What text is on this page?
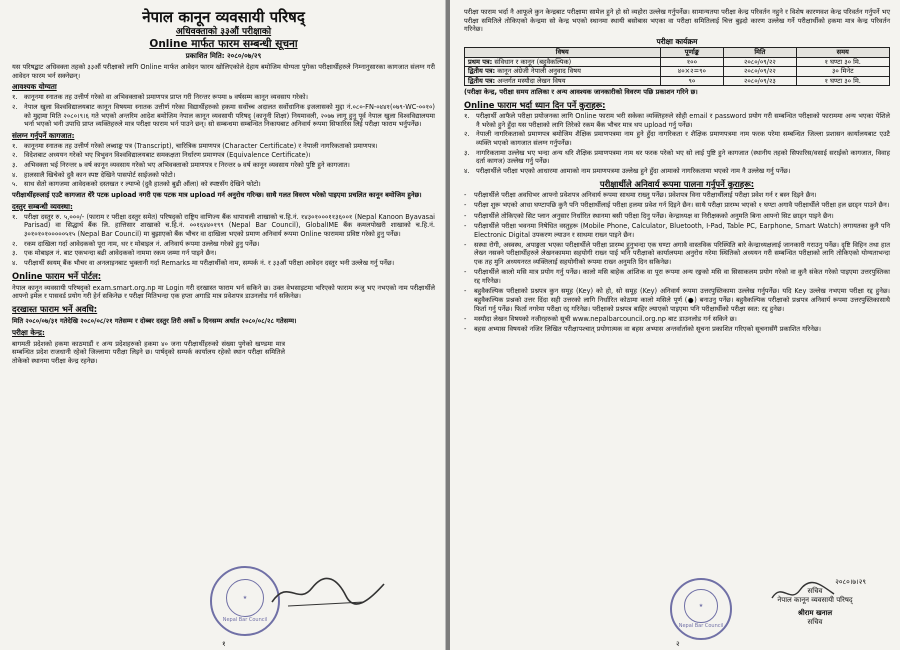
नेपाल कानून व्यवसायी परिषद्
अधिवक्ताको ३३औं परीक्षाको
Online मार्फत फारम सम्बन्धी सूचना
प्रकाशित मिति: २०८०/०७/२९

यस परिषद्बाट अधिवक्ता तहको ३३औं परीक्षाको लागि Online मार्फत आवेदन फारम खोलिएकोले देहाय बमोजिम योग्यता पुगेका परीक्षार्थीहरुले निम्नानुसारका कागजात संलग्न गरी आवेदन फारम भर्न सक्नेछन्।

आवश्यक योग्यता
१. कानूनमा स्नातक तह उत्तीर्ण गरेको वा अभिवक्ताको प्रमाणपत्र प्राप्त गरी निरन्तर रूपमा ७ वर्षसम्म कानून व्यवसाय गरेको।
२. नेपाल खुला विश्वविद्यालयबाट कानून विषयमा स्नातक उत्तीर्ण गरेका विद्यार्थीहरुको हकमा सर्वोच्च अदालत सर्वोधानिक इजलासको मुद्दा नं.०८०-FN-०४४१(०७९-WC-००१०) को मुद्दामा मिति २०८०।९।६ गते भएको अन्तरिम आदेश बमोजिम नेपाल कानून व्यवसायी परिषद् (कानूनी शिक्षा) नियमावली, २०७७ लागू हुनु पूर्व नेपाल खुला विश्वविद्यालयमा भर्ना भएको भनी उपाधि प्राप्त व्यक्तिहरुले मात्र परीक्षा फाराम भर्न पाउने छन्। सो सम्बन्धमा सम्बन्धित निकायबाट अनिवार्य रूपमा सिफारिस लिई परीक्षा फाराम भर्नुपर्नेछ।
संलग्न गर्नुपर्ने कागजात:
१. कानूनमा स्नातक तह उत्तीर्ण गरेको लब्धाङ्क पत्र (Transcript), चारित्रिक प्रमाणपत्र (Character Certificate) र नेपाली नागरिकताको प्रमाणपत्र।
२. विदेशबाट अध्ययन गरेको भए त्रिभुवन विश्वविद्यालयबाट समकक्षता निर्धारण प्रमाणपत्र (Equivalence Certificate)।
३. अभिवक्ता भई निरन्तर ७ वर्ष कानून व्यवसाय गरेको भए अभिवक्ताको प्रमाणपत्र र निरन्तर ७ वर्ष कानून व्यवसाय गरेको पुष्टि हुने कागजात।
४. हालसालै खिचेको दुवै कान स्पष्ट देखिने पासपोर्ट साईजको फोटो।
५. साथ सेतो कागजमा आवेदकको दस्तखत र ल्याप्चे (दुवै हातको बुढी औंला) को स्पष्टसँग देखिने फोटो।

परीक्षार्थीहरुलाई एउटै कागजात धेरै पटक upload नगरी एक पटक मात्र upload गर्न अनुरोध गरिन्छ। साथै गलत विवरण भरेको पाइएमा प्रचलित कानून बमोजिम हुनेछ।

दस्तुर सम्बन्धी व्यवस्था:
१. परीक्षा दस्तुर रु. ५,०००/- (फाराम र परीक्षा दस्तुर समेत) परिषद्को राष्ट्रिय वाणिज्य बैंक थापाथली शाखाको च.हि.नं. १४३०१०००११३६००१ (Nepal Kanoon Byavasai Parisad) वा सिद्धार्थ बैंक लि. हात्तिसार शाखाको च.हि.नं. ००१६४४०१९९ (Nepal Bar Council), GlobalIME बैंक कमलपोखरी शाखाको च.हि.नं. ३०१०१०१०००००५१५ (Nepal Bar Council) मा बुझाएको बैंक भौचर वा दाखिला भएको प्रमाण अनिवार्य रूपमा Online फाराममा प्रविष्ट गरेको हुनु पर्नेछ।
२. रकम दाखिला गर्दा आवेदकको पूरा नाम, थर र मोबाइल नं. अनिवार्य रूपमा उल्लेख गरेको हुनु पर्नेछ।
३. एक मोबाइल नं. बाट एकभन्दा बढी आवेदकको नाममा रकम जम्मा गर्न पाइने छैन।
४. परीक्षार्थी स्वयम् बैंक भौचर वा अनलाइनबाट भुक्तानी गर्दा Remarks मा परीक्षार्थीको नाम, सम्पर्क नं. र ३३औं परीक्षा आवेदन दस्तुर भनी उल्लेख गर्नु पर्नेछ।
Online फाराम भर्ने पोर्टल:

नेपाल कानून व्यवसायी परिषद्को exam.smart.org.np मा Login गरी दरखास्त फाराम भर्न सकिने छ। उक्त वेभसाइटमा भरिएको फाराम रूजु भए नभएको नाम परीक्षार्थीले आफ्नो इमेल र पासवर्ड प्रयोग गरी हेर्न सकिनेछ र परीक्षा मितिभन्दा एक हप्ता अगाडि मात्र प्रवेशपत्र डाउनलोड गर्न सकिनेछ।

दरखास्त फाराम भर्ने अवधि:

मिति २०८०/०७/३१ गतेदेखि २०८०/०८/२१ गतेसम्म र दोब्बर दस्तुर तिरी अर्को ७ दिनसम्म अर्थात २०८०/०८/२८ गतेसम्म।

परीक्षा केन्द्र:

बागमती प्रदेशको हकमा काठमाडौं र अन्य प्रदेशहरुको हकमा ४० जना परीक्षार्थीहरुको संख्या पुगेको खण्डमा मात्र सम्बन्धित प्रदेश राजधानी रहेको जिल्लामा परीक्षा लिइने छ। पार्षद्को सम्पर्क कार्यालय रहेको स्थान परीक्षा समितिले तोकेको स्थानमा परीक्षा केन्द्र रहनेछ।

★
Nepal Bar Council
१

परीक्षा फाराम भर्दा नै आफूले कुन केन्द्रबाट परीक्षामा सामेल हुने हो सो व्यहोरा उल्लेख गर्नुपर्नेछ। सामान्यतया परीक्षा केन्द्र परिवर्तन नहुने र विशेष कारणवश केन्द्र परिवर्तन गर्नुपर्ने भए परीक्षा समितिले तोकिएको केन्द्रमा सो केन्द्र भएको स्थानमा स्थायी बसोबास भएका वा परीक्षा समितिलाई चित्त बुझ्दो कारण उल्लेख गर्ने परीक्षार्थीको हकमा मात्र केन्द्र परिवर्तन गरिनेछ।

परीक्षा कार्यक्रम
विषय	पूर्णाङ्क	मिति	समय
प्रथम पत्र: संविधान र कानून (बहुवैकल्पिक)	१००	२०८०/०९/२२	१ घण्टा ३० मि.
द्वितीय पत्र: कानून अंग्रेजी नेपाली अनुवाद विषय	४०×२=९०	२०८०/०९/२२	३० मिनेट
द्वितीय पत्र: अन्तर्गत मस्यौदा लेखन विषय	९०	२०८०/०९/२३	१ घण्टा ३० मि.

(परीक्षा केन्द्र, परीक्षा समय तालिका र अन्य आवश्यक जानकारीको विवरण पछि प्रकाशन गरिने छ।

Online फाराम भर्दा ध्यान दिन पर्ने कुराहरू:
१. परीक्षार्थी आफैले परीक्षा प्रयोजनका लागि Online फाराम भरी सकेका व्यक्तिहरुले सोही email र password प्रयोग गरी सम्बन्धित परीक्षाको फाराममा अन्य भएका पेशिले नै भरेको हुने हुँदा यस परीक्षाको लागि तिरेको रकम बैंक भौचर मात्र थप upload गर्नु पर्नेछ।
२. नेपाली नागरिकताको प्रमाणपत्र बमोजिम शैक्षिक प्रमाणपत्रमा नाम हुने हुँदा नागरिकता र शैक्षिक प्रमाणपत्रमा नाम फरक परेमा सम्बन्धित जिल्ला प्रशासन कार्यालयबाट एउटै व्यक्ति भएको कागजात संलग्न गर्नुपर्नेछ।
३. नागरिकतामा उल्लेख भए भन्दा अन्य थरि शैक्षिक प्रमाणपत्रमा नाम थर फरक परेको भए सो लाई पुष्टि हुने कागजात (स्थानीय तहको सिफारिस/वसाई सराईको कागजात, विवाह दर्ता कागज) उल्लेख गर्नु पर्नेछ।
४. परीक्षार्थीले परीक्षा भएको आधारमा आमाको नाम प्रमाणपत्रमा उल्लेख हुने हुँदा आमाको नागरिकतामा भएको नाम नै उल्लेख गर्नु पर्नेछ।
परीक्षार्थीले अनिवार्य रूपमा पालना गर्नुपर्ने कुराहरू:
-	परीक्षार्थीले परीक्षा अवधिभर आफ्नो प्रवेशपत्र अनिवार्य रूपमा साथमा राख्नु पर्नेछ। प्रवेशपत्र विना परीक्षार्थीलाई परीक्षा प्रवेश गर्न र बस्न दिइने छैन।
-	परीक्षा शुरू भएको आधा घण्टापछि कुनै पनि परीक्षार्थीलाई परीक्षा हलमा प्रवेश गर्न दिइने छैन। साथै परीक्षा प्रारम्भ भएको १ घण्टा अगावै परीक्षार्थीले परीक्षा हल छाड्न पाउने छैन।
-	परीक्षार्थीले तोकिएको सिट प्लान अनुसार निर्धारित स्थानमा बसी परीक्षा दिनु पर्नेछ। केन्द्राध्यक्ष वा निरीक्षकको अनुमति बिना आफ्नो सिट छाड्न पाइने छैन।
-	परीक्षार्थीले परीक्षा भवनमा निषेधित वस्तुहरू (Mobile Phone, Calculator, Bluetooth, I-Pad, Table PC, Earphone, Smart Watch) लगायतका कुनै पनि Electronic Digital उपकरण ल्याउन र साथमा राख्न पाइने छैन।
-	सस्था रोगी, अस्वस्थ, अपाङ्गता भएका परीक्षार्थीले परीक्षा प्रारम्भ हुनुभन्दा एक घण्टा अगावै वास्तविक परिस्थिति बारे केन्द्राध्यक्षलाई जानकारी गराउनु पर्नेछ। दृष्टि विहिन तथा हात लेख्न नसक्ने परीक्षार्थीहरुले लेखनकाममा सहयोगी राख्न पाई भनि परीक्षाको कार्यालयमा अनुरोध गरेमा स्थितिको अध्ययन गरी सम्बन्धित परीक्षाको लागि तोकिएको योग्यताभन्दा एक तह मुनि अध्ययनरत व्यक्तिलाई सहयोगीको रूपमा राख्न अनुमति दिन सकिनेछ।
-	परीक्षार्थीले कालो मसि मात्र प्रयोग गर्नु पर्नेछ। कालो मसि बाहेक आंशिक वा पूरा रूपमा अन्य रङ्गको मसि वा सिसाकलम प्रयोग गरेको वा कुनै संकेत गरेको पाइएमा उत्तरपुस्तिका रद्द गरिनेछ।
-	बहुवैकल्पिक परीक्षाको प्रश्नपत्र कुन समूह (Key) को हो, सो समूह (Key) अनिवार्य रूपमा उत्तरपुस्तिकामा उल्लेख गर्नुपर्नेछ। यदि Key उल्लेख नभएमा परीक्षा रद्द हुनेछ। बहुवैकल्पिक प्रश्नको उत्तर दिंदा सही उत्तरको लागि निर्धारित कोठामा कालो मसिले पूर्ण (●) बनाउनु पर्नेछ। बहुवैकल्पिक परीक्षाको प्रश्नपत्र अनिवार्य रूपमा उत्तरपुस्तिकासाथै फिर्ता गर्नु पर्नेछ। फिर्ता नगरेमा परीक्षा रद्द गरिनेछ। परीक्षाको प्रश्नपत्र बाहिर ल्याएको पाइएमा पनि परीक्षार्थीको परीक्षा स्वत: रद्द हुनेछ।
-	मस्यौदा लेखन विषयको नजीरहरुको सूची www.nepalbarcouncil.org.np बाट डाउनलोड गर्न सकिने छ।
-	बहस अभ्यास विषयको नजिर लिखित परीक्षापश्चात् प्रयोगात्मक वा बहस अभ्यास अन्तर्वार्ताको सूचना प्रकाशित गरिएको सूचनासँगै प्रकाशित गरिनेछ।
★
Nepal Bar Council
२०८०।७।२९
सचिव
नेपाल कानून व्यवसायी परिषद्
श्रीराम खनाल
सचिव
२
